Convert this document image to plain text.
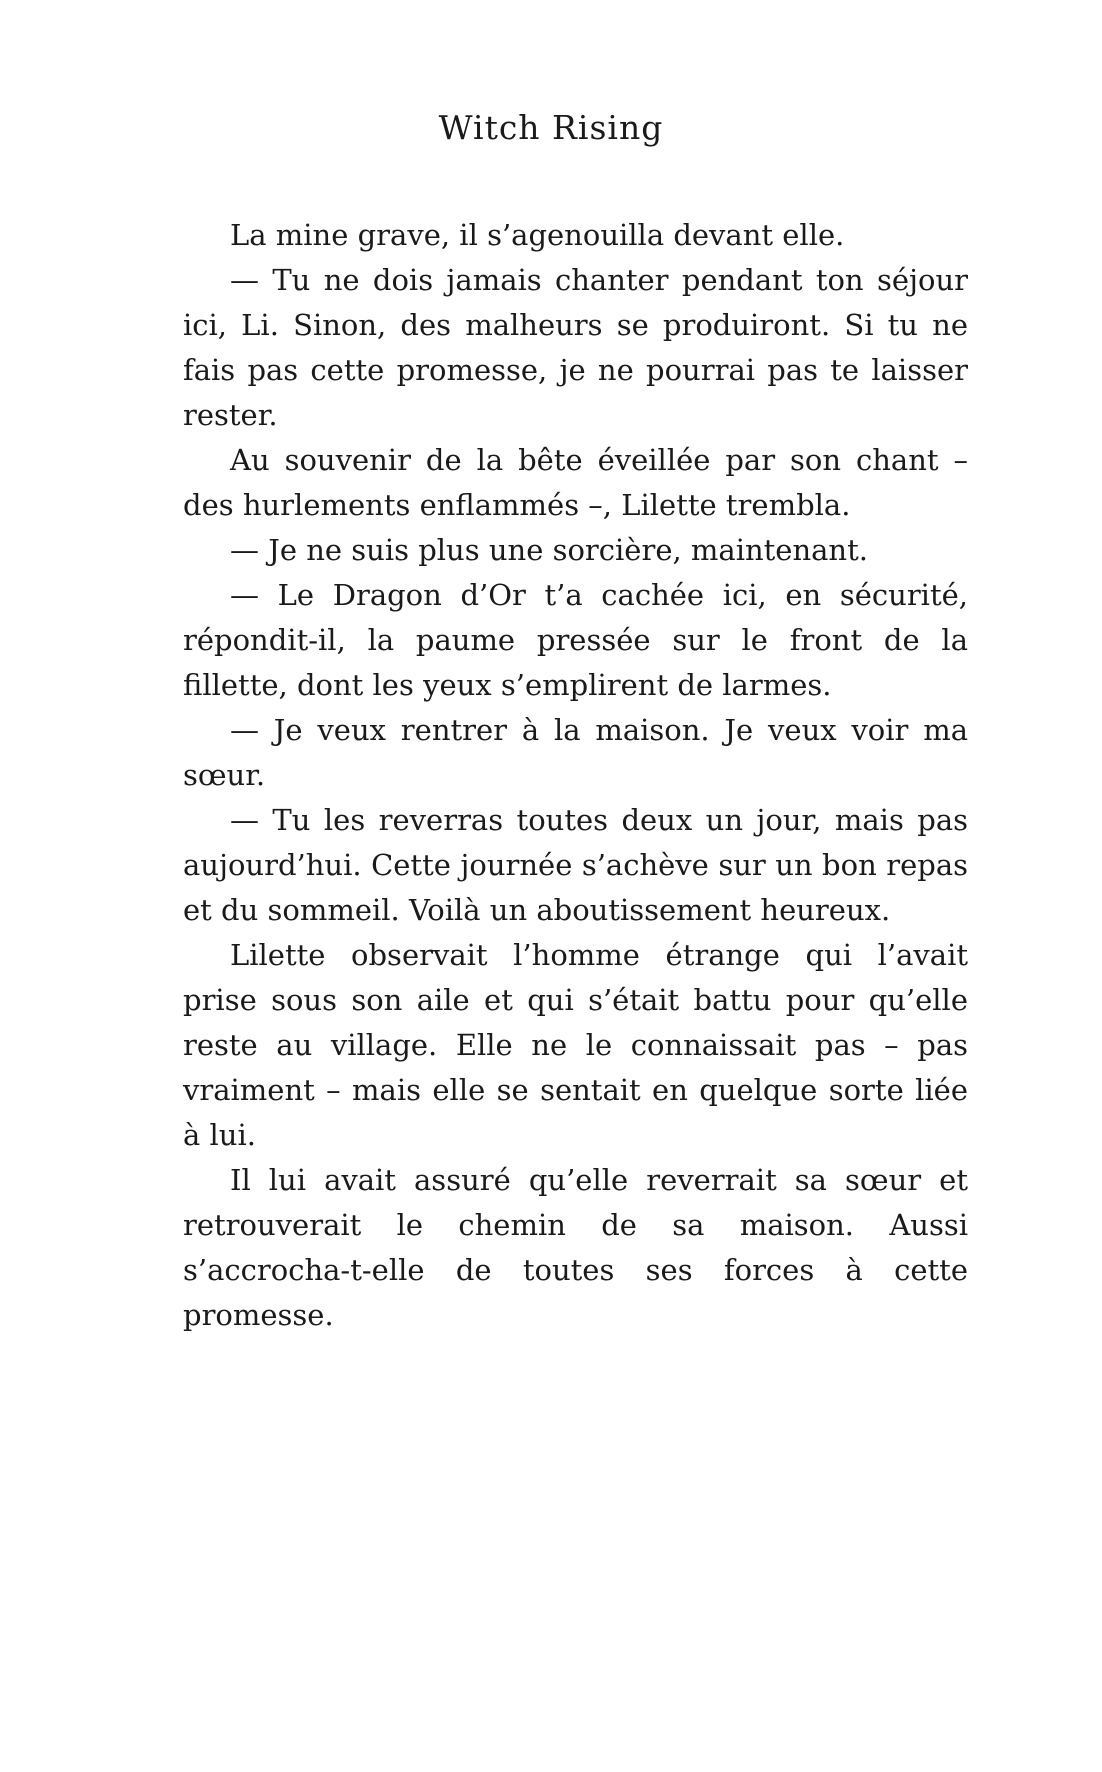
Witch Rising

La mine grave, il s’agenouilla devant elle.

— Tu ne dois jamais chanter pendant ton séjour ici, Li. Sinon, des malheurs se produiront. Si tu ne fais pas cette promesse, je ne pourrai pas te laisser rester.

Au souvenir de la bête éveillée par son chant – des hurlements enflammés –, Lilette trembla.

— Je ne suis plus une sorcière, maintenant.

— Le Dragon d’Or t’a cachée ici, en sécurité, répondit-il, la paume pressée sur le front de la fillette, dont les yeux s’emplirent de larmes.

— Je veux rentrer à la maison. Je veux voir ma sœur.

— Tu les reverras toutes deux un jour, mais pas aujourd’hui. Cette journée s’achève sur un bon repas et du sommeil. Voilà un aboutissement heureux.

Lilette observait l’homme étrange qui l’avait prise sous son aile et qui s’était battu pour qu’elle reste au village. Elle ne le connaissait pas – pas vraiment – mais elle se sentait en quelque sorte liée à lui.

Il lui avait assuré qu’elle reverrait sa sœur et retrouverait le chemin de sa maison. Aussi s’accrocha-t-elle de toutes ses forces à cette promesse.
